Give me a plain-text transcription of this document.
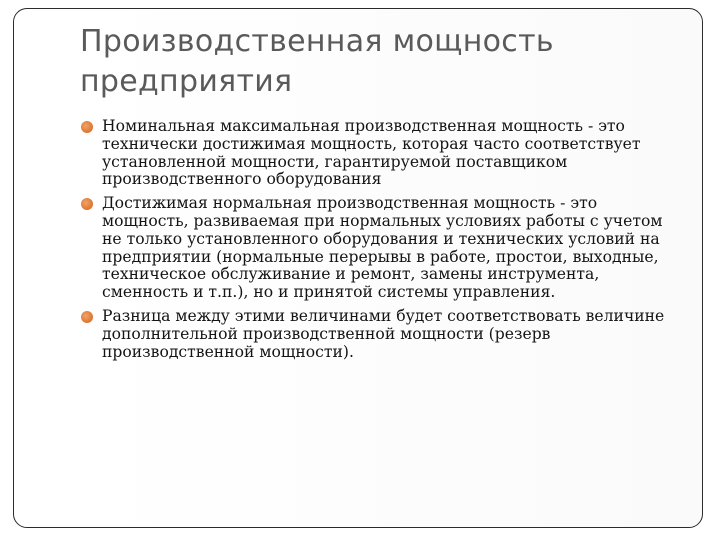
Производственная мощность предприятия
Номинальная максимальная производственная мощность - это технически достижимая мощность, которая часто соответствует установленной мощности, гарантируемой поставщиком производственного оборудования
Достижимая нормальная производственная мощность - это мощность, развиваемая при нормальных условиях работы с учетом не только установленного оборудования и технических условий на предприятии (нормальные перерывы в работе, простои, выходные, техническое обслуживание и ремонт, замены инструмента, сменность и т.п.), но и принятой системы управления.
Разница между этими величинами будет соответствовать величине дополнительной производственной мощности (резерв производственной мощности).
